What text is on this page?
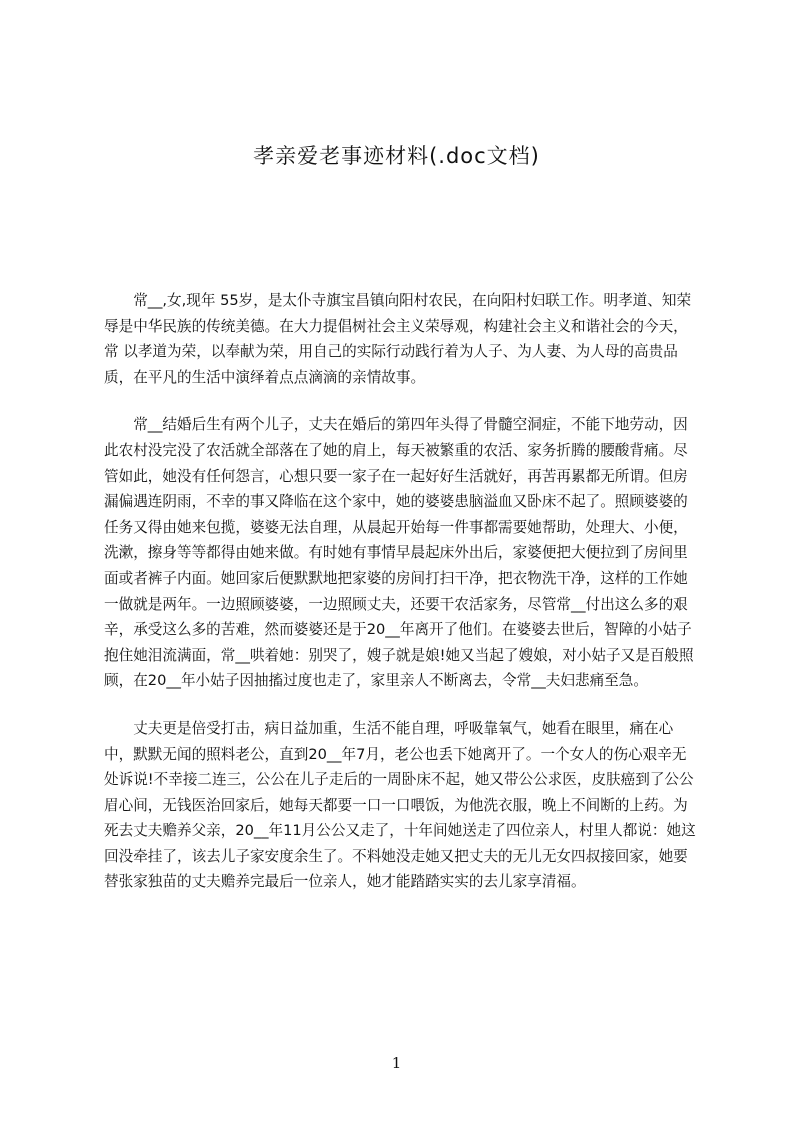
孝亲爱老事迹材料(.doc文档)

常__,女,现年 55岁，是太仆寺旗宝昌镇向阳村农民，在向阳村妇联工作。明孝道、知荣辱是中华民族的传统美德。在大力提倡树社会主义荣辱观，构建社会主义和谐社会的今天，常 以孝道为荣，以奉献为荣，用自己的实际行动践行着为人子、为人妻、为人母的高贵品质，在平凡的生活中演绎着点点滴滴的亲情故事。

常__结婚后生有两个儿子，丈夫在婚后的第四年头得了骨髓空洞症，不能下地劳动，因此农村没完没了农活就全部落在了她的肩上，每天被繁重的农活、家务折腾的腰酸背痛。尽管如此，她没有任何怨言，心想只要一家子在一起好好生活就好，再苦再累都无所谓。但房漏偏遇连阴雨，不幸的事又降临在这个家中，她的婆婆患脑溢血又卧床不起了。照顾婆婆的任务又得由她来包揽，婆婆无法自理，从晨起开始每一件事都需要她帮助，处理大、小便，洗漱，擦身等等都得由她来做。有时她有事情早晨起床外出后，家婆便把大便拉到了房间里面或者裤子内面。她回家后便默默地把家婆的房间打扫干净，把衣物洗干净，这样的工作她一做就是两年。一边照顾婆婆，一边照顾丈夫，还要干农活家务，尽管常__付出这么多的艰辛，承受这么多的苦难，然而婆婆还是于20__年离开了他们。在婆婆去世后，智障的小姑子抱住她泪流满面，常__哄着她：别哭了，嫂子就是娘!她又当起了嫂娘，对小姑子又是百般照顾，在20__年小姑子因抽搐过度也走了，家里亲人不断离去，令常__夫妇悲痛至急。

丈夫更是倍受打击，病日益加重，生活不能自理，呼吸靠氧气，她看在眼里，痛在心中，默默无闻的照料老公，直到20__年7月，老公也丢下她离开了。一个女人的伤心艰辛无处诉说!不幸接二连三，公公在儿子走后的一周卧床不起，她又带公公求医，皮肤癌到了公公眉心间，无钱医治回家后，她每天都要一口一口喂饭，为他洗衣服，晚上不间断的上药。为死去丈夫赡养父亲，20__年11月公公又走了，十年间她送走了四位亲人，村里人都说：她这回没牵挂了，该去儿子家安度余生了。不料她没走她又把丈夫的无儿无女四叔接回家，她要替张家独苗的丈夫赡养完最后一位亲人，她才能踏踏实实的去儿家享清福。

1
